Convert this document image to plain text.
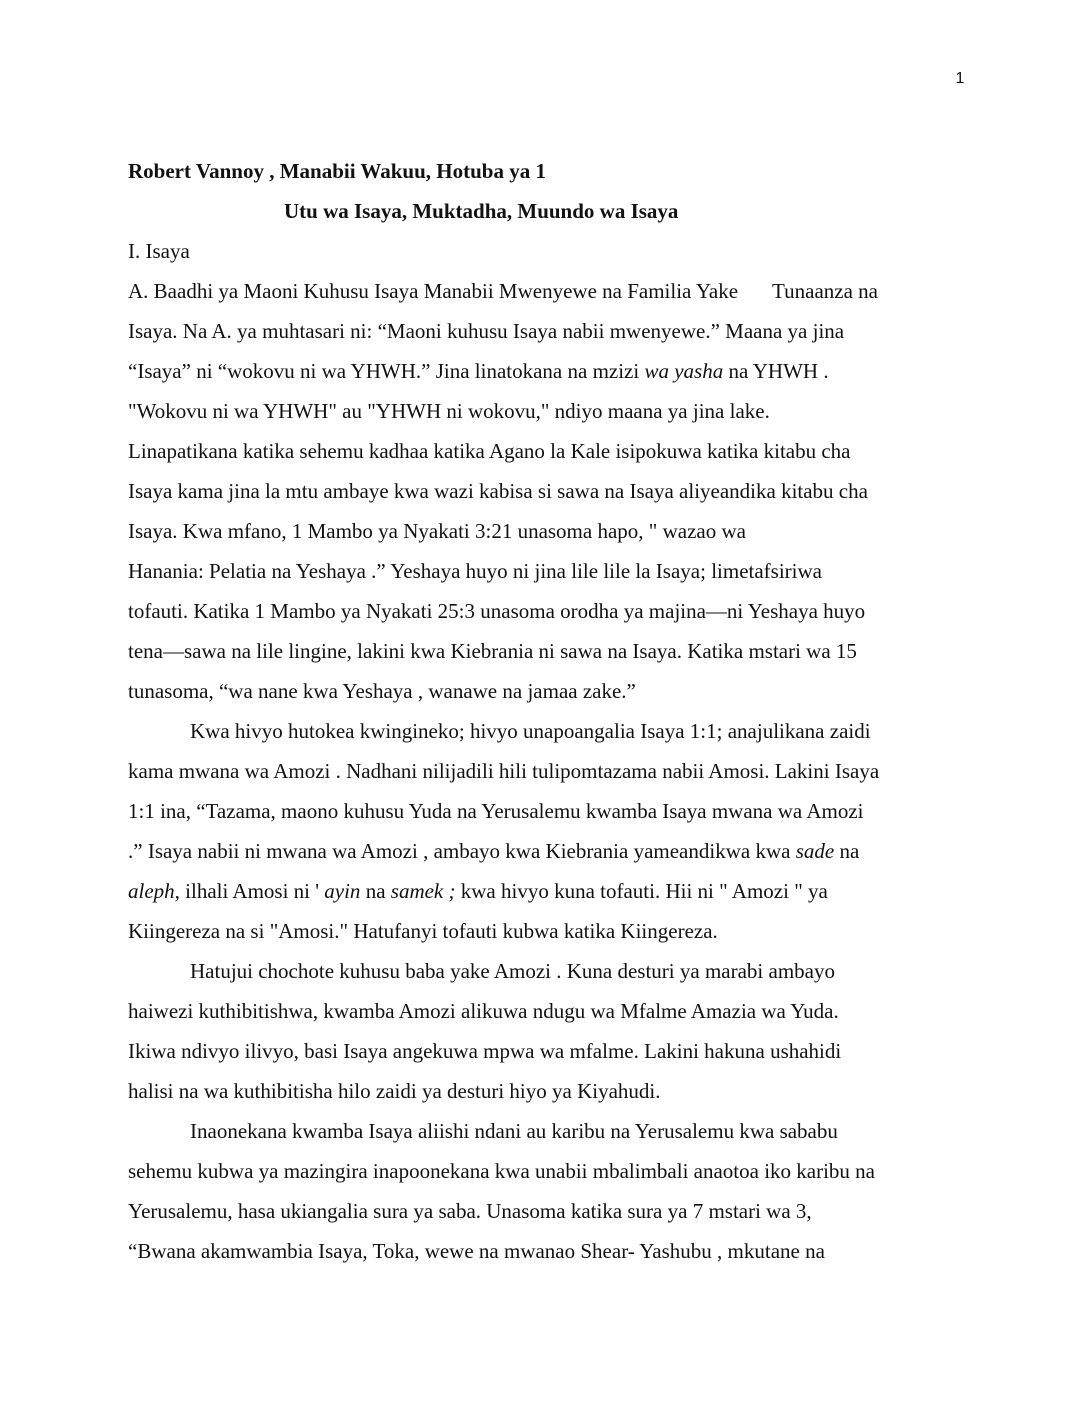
1
Robert Vannoy , Manabii Wakuu, Hotuba ya 1
Utu wa Isaya, Muktadha, Muundo wa Isaya
I. Isaya
A. Baadhi ya Maoni Kuhusu Isaya Manabii Mwenyewe na Familia Yake Tunaanza na
Isaya. Na A. ya muhtasari ni: “Maoni kuhusu Isaya nabii mwenyewe.” Maana ya jina
“Isaya” ni “wokovu ni wa YHWH.” Jina linatokana na mzizi wa yasha na YHWH .
"Wokovu ni wa YHWH" au "YHWH ni wokovu," ndiyo maana ya jina lake.
Linapatikana katika sehemu kadhaa katika Agano la Kale isipokuwa katika kitabu cha
Isaya kama jina la mtu ambaye kwa wazi kabisa si sawa na Isaya aliyeandika kitabu cha
Isaya. Kwa mfano, 1 Mambo ya Nyakati 3:21 unasoma hapo, " wazao wa
Hanania: Pelatia na Yeshaya .” Yeshaya huyo ni jina lile lile la Isaya; limetafsiriwa
tofauti. Katika 1 Mambo ya Nyakati 25:3 unasoma orodha ya majina—ni Yeshaya huyo
tena—sawa na lile lingine, lakini kwa Kiebrania ni sawa na Isaya. Katika mstari wa 15
tunasoma, “wa nane kwa Yeshaya , wanawe na jamaa zake.”
Kwa hivyo hutokea kwingineko; hivyo unapoangalia Isaya 1:1; anajulikana zaidi
kama mwana wa Amozi . Nadhani nilijadili hili tulipomtazama nabii Amosi. Lakini Isaya
1:1 ina, “Tazama, maono kuhusu Yuda na Yerusalemu kwamba Isaya mwana wa Amozi
.” Isaya nabii ni mwana wa Amozi , ambayo kwa Kiebrania yameandikwa kwa sade na
aleph, ilhali Amosi ni ' ayin na samek ; kwa hivyo kuna tofauti. Hii ni " Amozi " ya
Kiingereza na si "Amosi." Hatufanyi tofauti kubwa katika Kiingereza.
Hatujui chochote kuhusu baba yake Amozi . Kuna desturi ya marabi ambayo
haiwezi kuthibitishwa, kwamba Amozi alikuwa ndugu wa Mfalme Amazia wa Yuda.
Ikiwa ndivyo ilivyo, basi Isaya angekuwa mpwa wa mfalme. Lakini hakuna ushahidi
halisi na wa kuthibitisha hilo zaidi ya desturi hiyo ya Kiyahudi.
Inaonekana kwamba Isaya aliishi ndani au karibu na Yerusalemu kwa sababu
sehemu kubwa ya mazingira inapoonekana kwa unabii mbalimbali anaotoa iko karibu na
Yerusalemu, hasa ukiangalia sura ya saba. Unasoma katika sura ya 7 mstari wa 3,
“Bwana akamwambia Isaya, Toka, wewe na mwanao Shear- Yashubu , mkutane na
